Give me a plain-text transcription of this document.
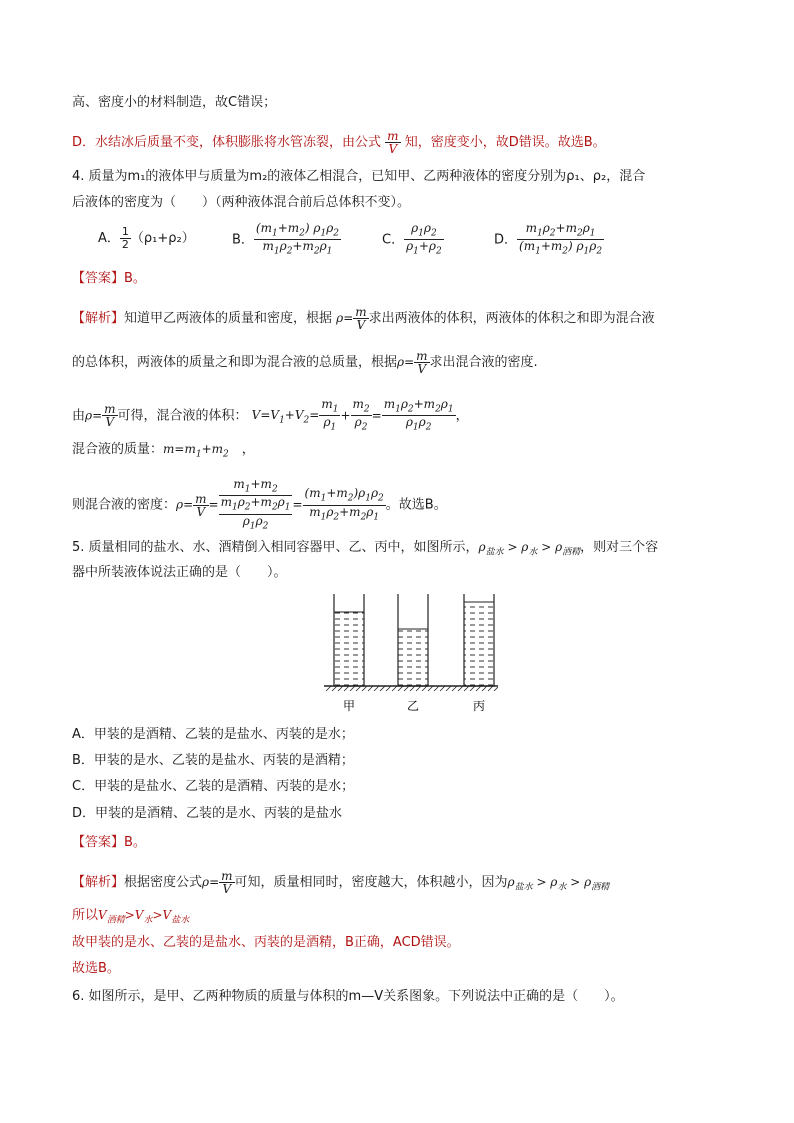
高、密度小的材料制造，故C错误；
D．水结冰后质量不变，体积膨胀将水管冻裂，由公式 $\frac{m}{V}$ 知，密度变小，故D错误。故选B。
4. 质量为m₁的液体甲与质量为m₂的液体乙相混合，已知甲、乙两种液体的密度分别为ρ₁、ρ₂，混合
后液体的密度为（　　）（两种液体混合前后总体积不变）。
A． $\frac{1}{2} (\rho_1+\rho_2)$	B． $\frac{(m_1+m_2) \rho_1\rho_2}{m_1\rho_2+m_2\rho_1}$	C． $\frac{\rho_1\rho_2}{\rho_1+\rho_2}$	D． $\frac{m_1\rho_2+m_2\rho_1}{(m_1+m_2) \rho_1\rho_2}$
【答案】B。
【解析】知道甲乙两液体的质量和密度，根据 $\rho= \frac{m}{V}$ 求出两液体的体积，两液体的体积之和即为混合液
的总体积，两液体的质量之和即为混合液的总质量，根据$\rho= \frac{m}{V}$ 求出混合液的密度.
由$\rho= \frac{m}{V}$ 可得，混合液的体积： $V=V_1+V_2= \frac{m_1}{\rho_1} + \frac{m_2}{\rho_2} = \frac{m_1\rho_2+m_2\rho_1}{\rho_1\rho_2}$ ，
混合液的质量：$m=m_1+m_2$　，
则混合液的密度：$\rho= \frac{m}{V}$ =
$m_1+m_2$
$m_1\rho_2+m_2\rho_1$
$\rho_1\rho_2$
= $\frac{(m_1+m_2)\rho_1\rho_2}{m_1\rho_2+m_2\rho_1}$ 。故选B。
5. 质量相同的盐水、水、酒精倒入相同容器甲、乙、丙中，如图所示，$\rho_{盐水} > \rho_水 > \rho_{酒精}$，则对三个容
器中所装液体说法正确的是（　　）。
甲	乙	丙
A．甲装的是酒精、乙装的是盐水、丙装的是水；
B．甲装的是水、乙装的是盐水、丙装的是酒精；
C．甲装的是盐水、乙装的是酒精、丙装的是水；
D．甲装的是酒精、乙装的是水、丙装的是盐水
【答案】B。
【解析】根据密度公式$\rho= \frac{m}{V}$ 可知，质量相同时，密度越大，体积越小，因为$\rho_{盐水} > \rho_水 > \rho_{酒精}$
所以$V_{酒精}>V_水>V_{盐水}$
故甲装的是水、乙装的是盐水、丙装的是酒精，B正确，ACD错误。
故选B。
6. 如图所示，是甲、乙两种物质的质量与体积的m—V关系图象。下列说法中正确的是（　　）。
